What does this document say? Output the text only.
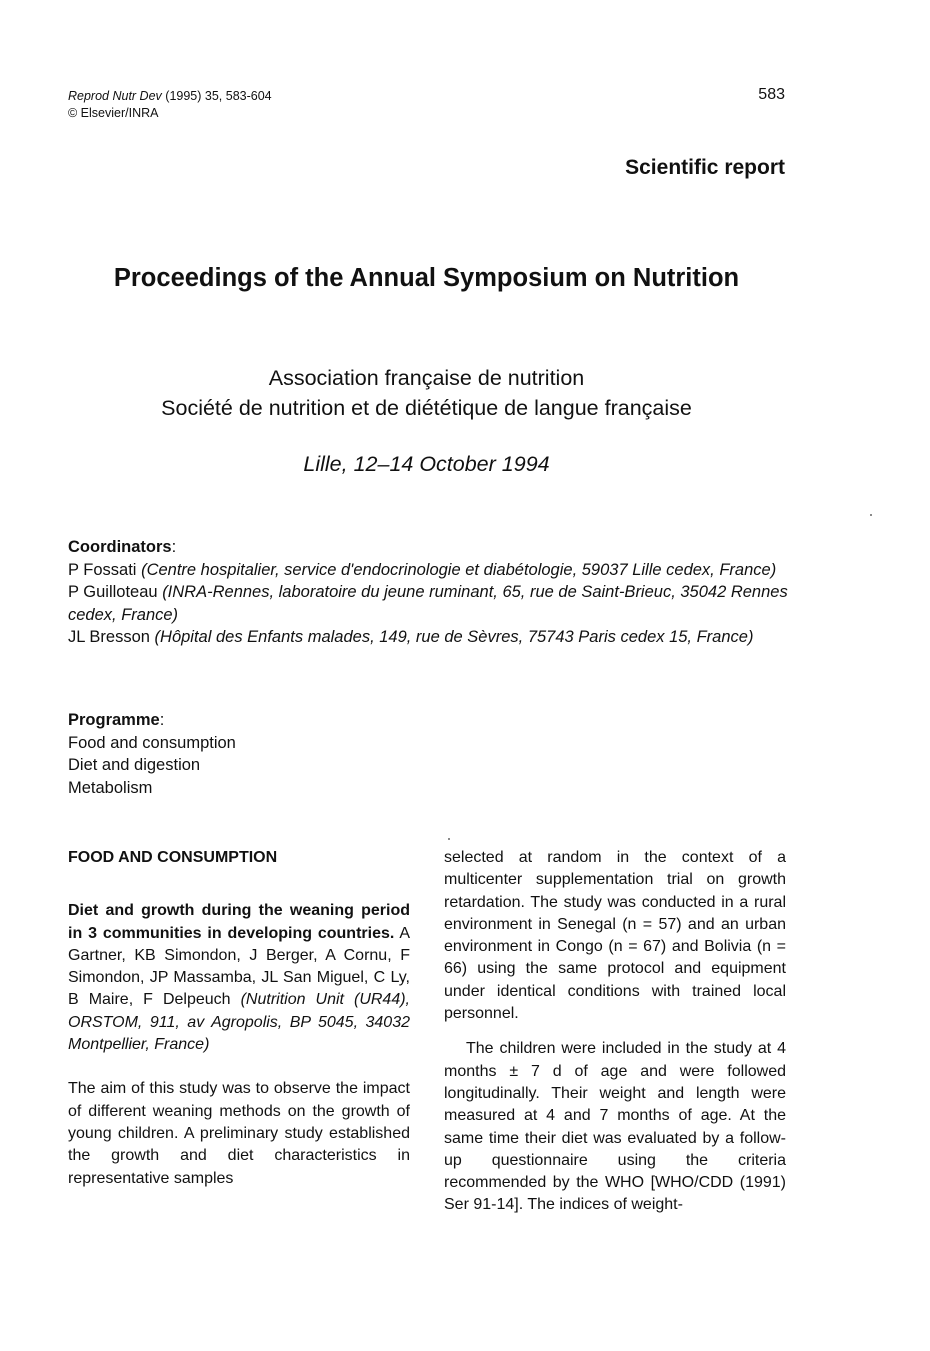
Reprod Nutr Dev (1995) 35, 583-604
© Elsevier/INRA
583
Scientific report
Proceedings of the Annual Symposium on Nutrition
Association française de nutrition
Société de nutrition et de diététique de langue française
Lille, 12–14 October 1994
Coordinators:
P Fossati (Centre hospitalier, service d'endocrinologie et diabétologie, 59037 Lille cedex, France)
P Guilloteau (INRA-Rennes, laboratoire du jeune ruminant, 65, rue de Saint-Brieuc, 35042 Rennes cedex, France)
JL Bresson (Hôpital des Enfants malades, 149, rue de Sèvres, 75743 Paris cedex 15, France)
Programme:
Food and consumption
Diet and digestion
Metabolism
FOOD AND CONSUMPTION

Diet and growth during the weaning period in 3 communities in developing countries. A Gartner, KB Simondon, J Berger, A Cornu, F Simondon, JP Massamba, JL San Miguel, C Ly, B Maire, F Delpeuch (Nutrition Unit (UR44), ORSTOM, 911, av Agropolis, BP 5045, 34032 Montpellier, France)

The aim of this study was to observe the impact of different weaning methods on the growth of young children. A preliminary study established the growth and diet characteristics in representative samples

selected at random in the context of a multicenter supplementation trial on growth retardation. The study was conducted in a rural environment in Senegal (n = 57) and an urban environment in Congo (n = 67) and Bolivia (n = 66) using the same protocol and equipment under identical conditions with trained local personnel.

The children were included in the study at 4 months ± 7 d of age and were followed longitudinally. Their weight and length were measured at 4 and 7 months of age. At the same time their diet was evaluated by a follow-up questionnaire using the criteria recommended by the WHO [WHO/CDD (1991) Ser 91-14]. The indices of weight-
